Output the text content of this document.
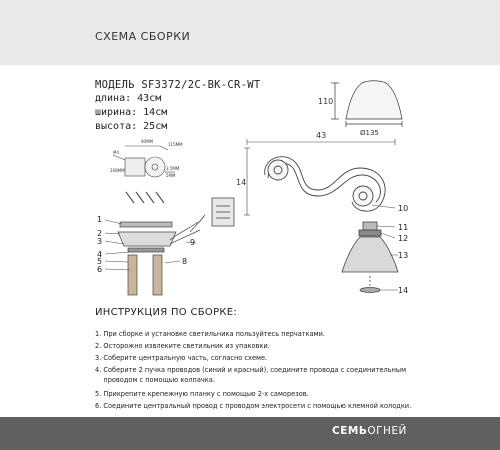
СХЕМА СБОРКИ
МОДЕЛЬ SF3372/2C-BK-CR-WT
длина: 43см
ширина: 14см
высота: 25см
110
Ø135
43
14
90MM
115MM
108MM
M4
3.5MM
5MM
1
2
3
4
5
6
8
9
10
11
12
13
14
ИНСТРУКЦИЯ ПО СБОРКЕ:
1. При сборке и установке светильника пользуйтесь перчатками.
2. Осторожно извлеките светильник из упаковки.
3. Соберите центральную часть, согласно схеме.
4. Соберите 2 пучка проводов (синий и красный), соедините провода с соединительным
проводом с помощью колпачка.
5. Прикрепите крепежную планку с помощью 2-х саморезов.
6. Соедините центральный провод с проводом электросети с помощью клемной колодки.
СЕМЬОГНЕЙ
